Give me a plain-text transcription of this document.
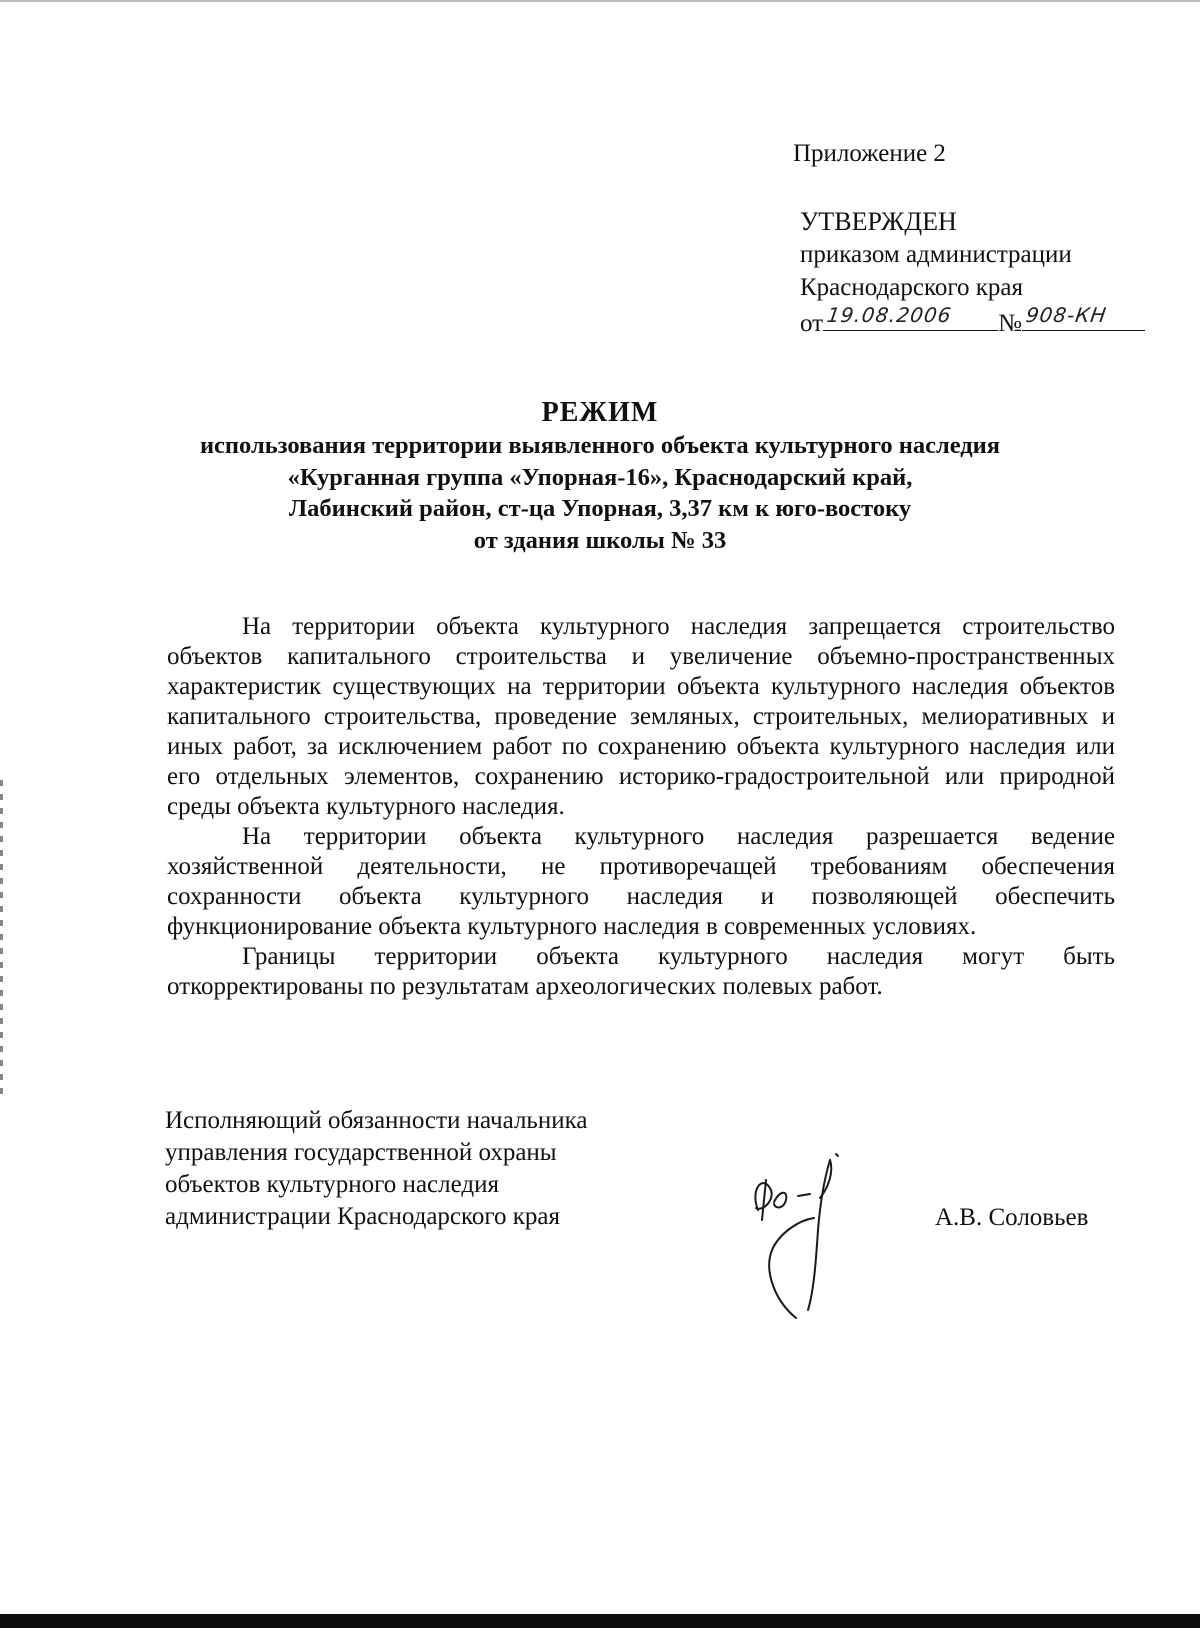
Приложение 2
УТВЕРЖДЕН
приказом администрации
Краснодарского края
от 19.08.2006 № 908-КН
РЕЖИМ
использования территории выявленного объекта культурного наследия
«Курганная группа «Упорная-16», Краснодарский край,
Лабинский район, ст-ца Упорная, 3,37 км к юго-востоку
от здания школы № 33

На территории объекта культурного наследия запрещается строительство объектов капитального строительства и увеличение объемно-пространственных характеристик существующих на территории объекта культурного наследия объектов капитального строительства, проведение земляных, строительных, мелиоративных и иных работ, за исключением работ по сохранению объекта культурного наследия или его отдельных элементов, сохранению историко-градостроительной или природной среды объекта культурного наследия.

На территории объекта культурного наследия разрешается ведение хозяйственной деятельности, не противоречащей требованиям обеспечения сохранности объекта культурного наследия и позволяющей обеспечить функционирование объекта культурного наследия в современных условиях.

Границы территории объекта культурного наследия могут быть откорректированы по результатам археологических полевых работ.

Исполняющий обязанности начальника
управления государственной охраны
объектов культурного наследия
администрации Краснодарского края	А.В. Соловьев
